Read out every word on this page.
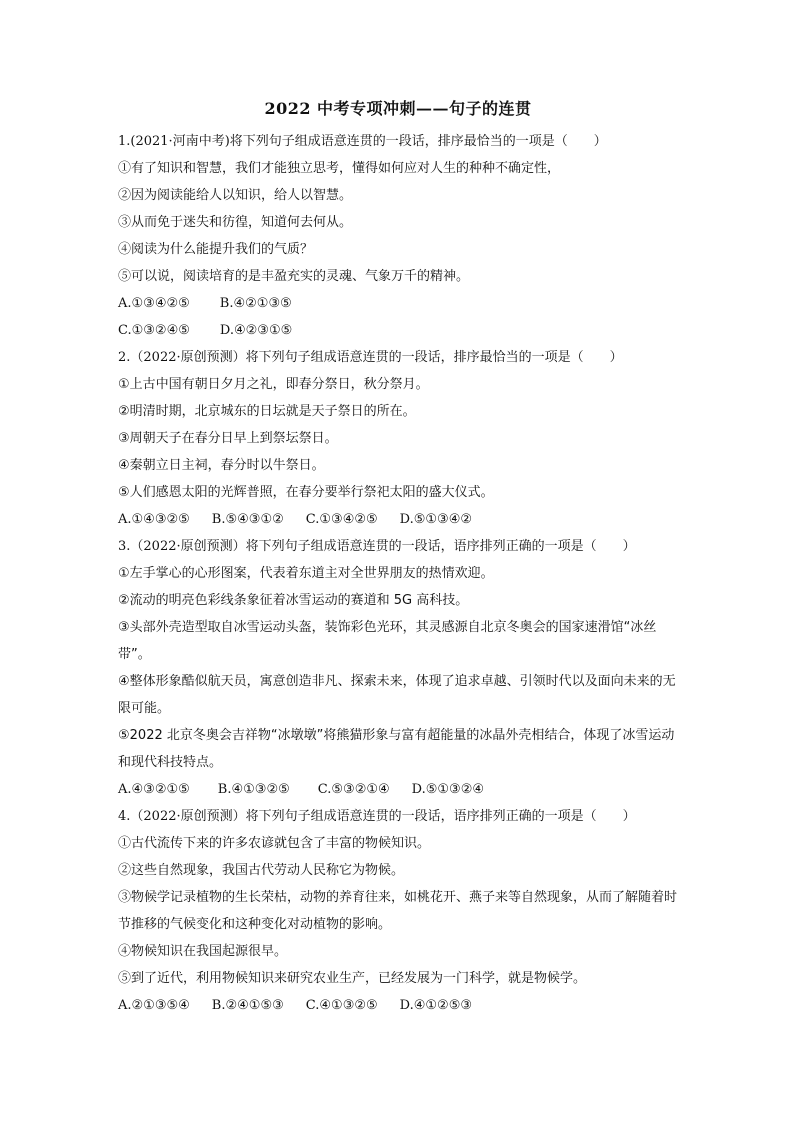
2022 中考专项冲刺——句子的连贯
1.(2021·河南中考)将下列句子组成语意连贯的一段话，排序最恰当的一项是（　　）
①有了知识和智慧，我们才能独立思考，懂得如何应对人生的种种不确定性，
②因为阅读能给人以知识，给人以智慧。
③从而免于迷失和彷徨，知道何去何从。
④阅读为什么能提升我们的气质？
⑤可以说，阅读培育的是丰盈充实的灵魂、气象万千的精神。
A.①③④②⑤ B.④②①③⑤
C.①③②④⑤ D.④②③①⑤
2.（2022·原创预测）将下列句子组成语意连贯的一段话，排序最恰当的一项是（　　）
①上古中国有朝日夕月之礼，即春分祭日，秋分祭月。
②明清时期，北京城东的日坛就是天子祭日的所在。
③周朝天子在春分日早上到祭坛祭日。
④秦朝立日主祠，春分时以牛祭日。
⑤人们感恩太阳的光辉普照，在春分要举行祭祀太阳的盛大仪式。
A.①④③②⑤ B.⑤④③①② C.①③④②⑤ D.⑤①③④②
3.（2022·原创预测）将下列句子组成语意连贯的一段话，语序排列正确的一项是（　　）
①左手掌心的心形图案，代表着东道主对全世界朋友的热情欢迎。
②流动的明亮色彩线条象征着冰雪运动的赛道和 5G 高科技。
③头部外壳造型取自冰雪运动头盔，装饰彩色光环，其灵感源自北京冬奥会的国家速滑馆“冰丝带”。
④整体形象酷似航天员，寓意创造非凡、探索未来，体现了追求卓越、引领时代以及面向未来的无限可能。
⑤2022 北京冬奥会吉祥物“冰墩墩”将熊猫形象与富有超能量的冰晶外壳相结合，体现了冰雪运动和现代科技特点。
A.④③②①⑤ B.④①③②⑤ C.⑤③②①④ D.⑤①③②④
4.（2022·原创预测）将下列句子组成语意连贯的一段话，语序排列正确的一项是（　　）
①古代流传下来的许多农谚就包含了丰富的物候知识。
②这些自然现象，我国古代劳动人民称它为物候。
③物候学记录植物的生长荣枯，动物的养育往来，如桃花开、燕子来等自然现象，从而了解随着时节推移的气候变化和这种变化对动植物的影响。
④物候知识在我国起源很早。
⑤到了近代，利用物候知识来研究农业生产，已经发展为一门科学，就是物候学。
A.②①③⑤④ B.②④①⑤③ C.④①③②⑤ D.④①②⑤③
